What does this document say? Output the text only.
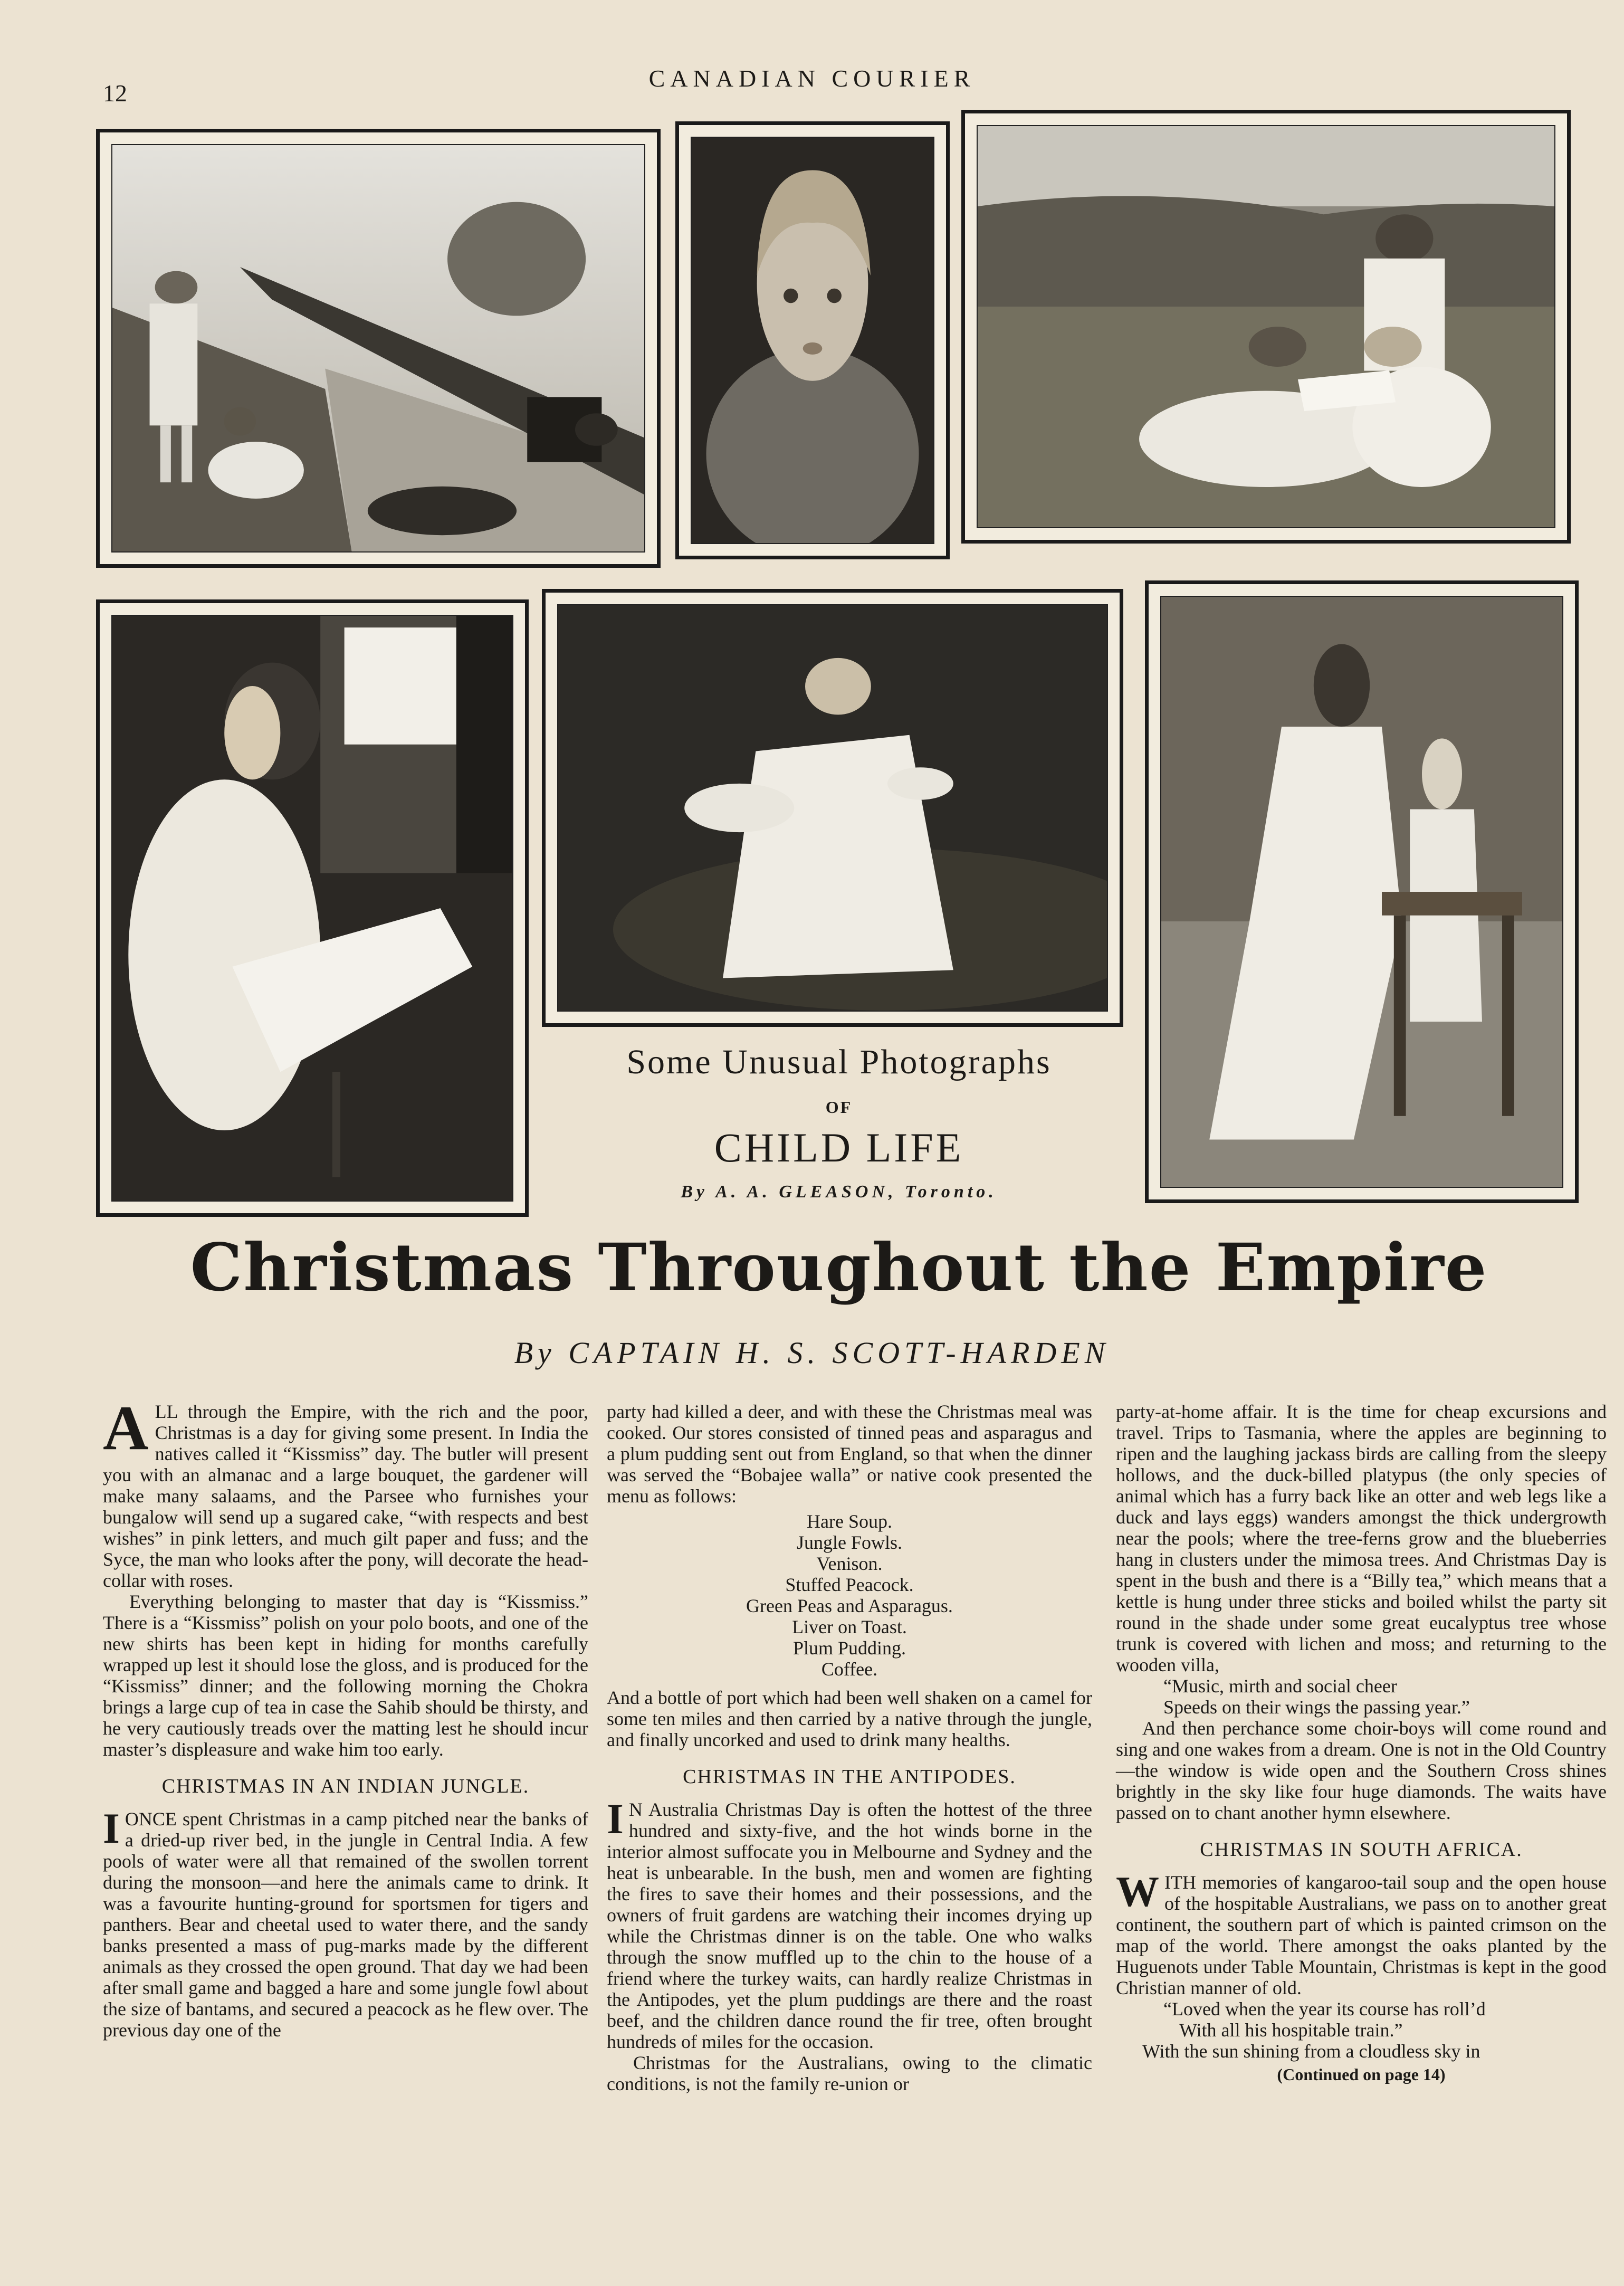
12
CANADIAN COURIER
Some Unusual Photographs
OF
CHILD LIFE
By A. A. GLEASON, Toronto.
Christmas Throughout the Empire
By CAPTAIN H. S. SCOTT-HARDEN

ALL through the Empire, with the rich and the poor, Christmas is a day for giving some present. In India the natives called it “Kissmiss” day. The butler will present you with an almanac and a large bouquet, the gardener will make many salaams, and the Parsee who furnishes your bungalow will send up a sugared cake, “with respects and best wishes” in pink letters, and much gilt paper and fuss; and the Syce, the man who looks after the pony, will decorate the head-collar with roses.

Everything belonging to master that day is “Kissmiss.” There is a “Kissmiss” polish on your polo boots, and one of the new shirts has been kept in hiding for months carefully wrapped up lest it should lose the gloss, and is produced for the “Kissmiss” dinner; and the following morning the Chokra brings a large cup of tea in case the Sahib should be thirsty, and he very cautiously treads over the matting lest he should incur master’s displeasure and wake him too early.

CHRISTMAS IN AN INDIAN JUNGLE.

IONCE spent Christmas in a camp pitched near the banks of a dried-up river bed, in the jungle in Central India. A few pools of water were all that remained of the swollen torrent during the monsoon—and here the animals came to drink. It was a favourite hunting-ground for sportsmen for tigers and panthers. Bear and cheetal used to water there, and the sandy banks presented a mass of pug-marks made by the different animals as they crossed the open ground. That day we had been after small game and bagged a hare and some jungle fowl about the size of bantams, and secured a peacock as he flew over. The previous day one of the

party had killed a deer, and with these the Christmas meal was cooked. Our stores consisted of tinned peas and asparagus and a plum pudding sent out from England, so that when the dinner was served the “Bobajee walla” or native cook presented the menu as follows:

Hare Soup.
Jungle Fowls.
Venison.
Stuffed Peacock.
Green Peas and Asparagus.
Liver on Toast.
Plum Pudding.
Coffee.

And a bottle of port which had been well shaken on a camel for some ten miles and then carried by a native through the jungle, and finally uncorked and used to drink many healths.

CHRISTMAS IN THE ANTIPODES.

I N Australia Christmas Day is often the hottest of the three hundred and sixty-five, and the hot winds borne in the interior almost suffocate you in Melbourne and Sydney and the heat is unbearable. In the bush, men and women are fighting the fires to save their homes and their possessions, and the owners of fruit gardens are watching their incomes drying up while the Christmas dinner is on the table. One who walks through the snow muffled up to the chin to the house of a friend where the turkey waits, can hardly realize Christmas in the Antipodes, yet the plum puddings are there and the roast beef, and the children dance round the fir tree, often brought hundreds of miles for the occasion.

Christmas for the Australians, owing to the climatic conditions, is not the family re-union or

party-at-home affair. It is the time for cheap excursions and travel. Trips to Tasmania, where the apples are beginning to ripen and the laughing jackass birds are calling from the sleepy hollows, and the duck-billed platypus (the only species of animal which has a furry back like an otter and web legs like a duck and lays eggs) wanders amongst the thick undergrowth near the pools; where the tree-ferns grow and the blueberries hang in clusters under the mimosa trees. And Christmas Day is spent in the bush and there is a “Billy tea,” which means that a kettle is hung under three sticks and boiled whilst the party sit round in the shade under some great eucalyptus tree whose trunk is covered with lichen and moss; and returning to the wooden villa,

“Music, mirth and social cheer
Speeds on their wings the passing year.”

And then perchance some choir-boys will come round and sing and one wakes from a dream. One is not in the Old Country—the window is wide open and the Southern Cross shines brightly in the sky like four huge diamonds. The waits have passed on to chant another hymn elsewhere.

CHRISTMAS IN SOUTH AFRICA.

WITH memories of kangaroo-tail soup and the open house of the hospitable Australians, we pass on to another great continent, the southern part of which is painted crimson on the map of the world. There amongst the oaks planted by the Huguenots under Table Mountain, Christmas is kept in the good Christian manner of old.

“Loved when the year its course has roll’d
With all his hospitable train.”

With the sun shining from a cloudless sky in

(Continued on page 14)
